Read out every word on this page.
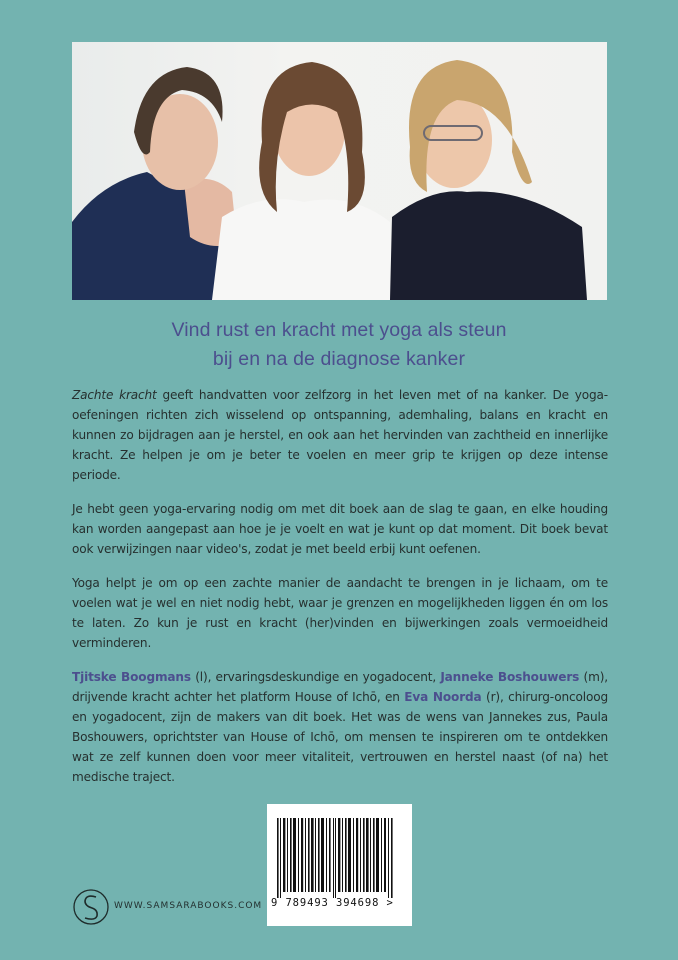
Vind rust en kracht met yoga als steun
bij en na de diagnose kanker

Zachte kracht geeft handvatten voor zelfzorg in het leven met of na kanker. De yoga-oefeningen richten zich wisselend op ontspanning, ademhaling, balans en kracht en kunnen zo bijdragen aan je herstel, en ook aan het hervinden van zachtheid en innerlijke kracht. Ze helpen je om je beter te voelen en meer grip te krijgen op deze intense periode.

Je hebt geen yoga-ervaring nodig om met dit boek aan de slag te gaan, en elke houding kan worden aangepast aan hoe je je voelt en wat je kunt op dat moment. Dit boek bevat ook verwijzingen naar video's, zodat je met beeld erbij kunt oefenen.

Yoga helpt je om op een zachte manier de aandacht te brengen in je lichaam, om te voelen wat je wel en niet nodig hebt, waar je grenzen en mogelijkheden liggen én om los te laten. Zo kun je rust en kracht (her)vinden en bijwerkingen zoals vermoeidheid verminderen.

Tjitske Boogmans (l), ervaringsdeskundige en yogadocent, Janneke Boshouwers (m), drijvende kracht achter het platform House of Ichō, en Eva Noorda (r), chirurg-oncoloog en yogadocent, zijn de makers van dit boek. Het was de wens van Jannekes zus, Paula Boshouwers, oprichtster van House of Ichō, om mensen te inspireren om te ontdekken wat ze zelf kunnen doen voor meer vitaliteit, vertrouwen en herstel naast (of na) het medische traject.

9 789493 394698 >
WWW.SAMSARABOOKS.COM
